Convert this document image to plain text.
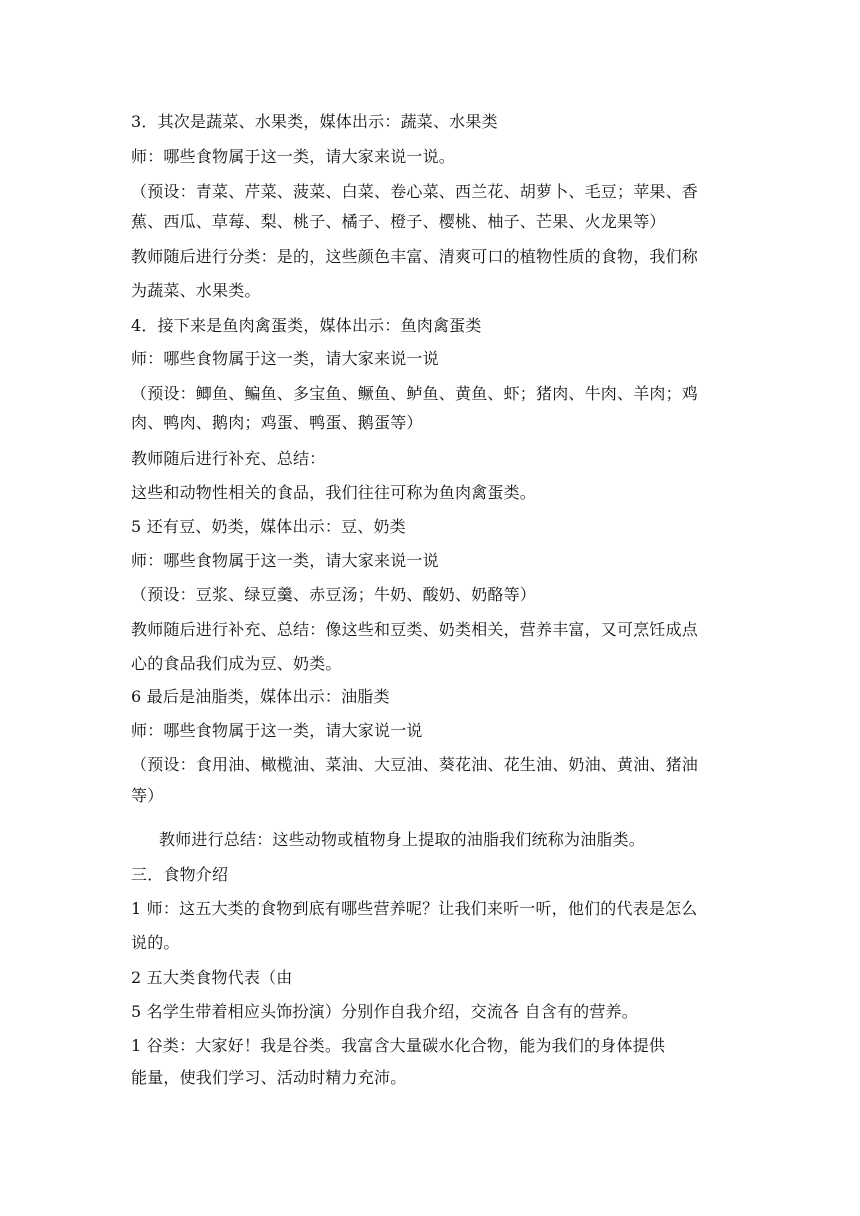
3．其次是蔬菜、水果类，媒体出示：蔬菜、水果类
师：哪些食物属于这一类，请大家来说一说。
（预设：青菜、芹菜、菠菜、白菜、卷心菜、西兰花、胡萝卜、毛豆；苹果、香
蕉、西瓜、草莓、梨、桃子、橘子、橙子、樱桃、柚子、芒果、火龙果等）
教师随后进行分类：是的，这些颜色丰富、清爽可口的植物性质的食物，我们称
为蔬菜、水果类。
4．接下来是鱼肉禽蛋类，媒体出示：鱼肉禽蛋类
师：哪些食物属于这一类，请大家来说一说
（预设：鲫鱼、鳊鱼、多宝鱼、鳜鱼、鲈鱼、黄鱼、虾；猪肉、牛肉、羊肉；鸡
肉、鸭肉、鹅肉；鸡蛋、鸭蛋、鹅蛋等）
教师随后进行补充、总结：
这些和动物性相关的食品，我们往往可称为鱼肉禽蛋类。
5 还有豆、奶类，媒体出示：豆、奶类
师：哪些食物属于这一类，请大家来说一说
（预设：豆浆、绿豆羹、赤豆汤；牛奶、酸奶、奶酪等）
教师随后进行补充、总结：像这些和豆类、奶类相关，营养丰富，又可烹饪成点
心的食品我们成为豆、奶类。
6 最后是油脂类，媒体出示：油脂类
师：哪些食物属于这一类，请大家说一说
（预设：食用油、橄榄油、菜油、大豆油、葵花油、花生油、奶油、黄油、猪油
等）
教师进行总结：这些动物或植物身上提取的油脂我们统称为油脂类。
三．食物介绍
1 师：这五大类的食物到底有哪些营养呢？让我们来听一听，他们的代表是怎么
说的。
2 五大类食物代表（由
5 名学生带着相应头饰扮演）分别作自我介绍，交流各 自含有的营养。
1 谷类：大家好！我是谷类。我富含大量碳水化合物，能为我们的身体提供
能量，使我们学习、活动时精力充沛。
